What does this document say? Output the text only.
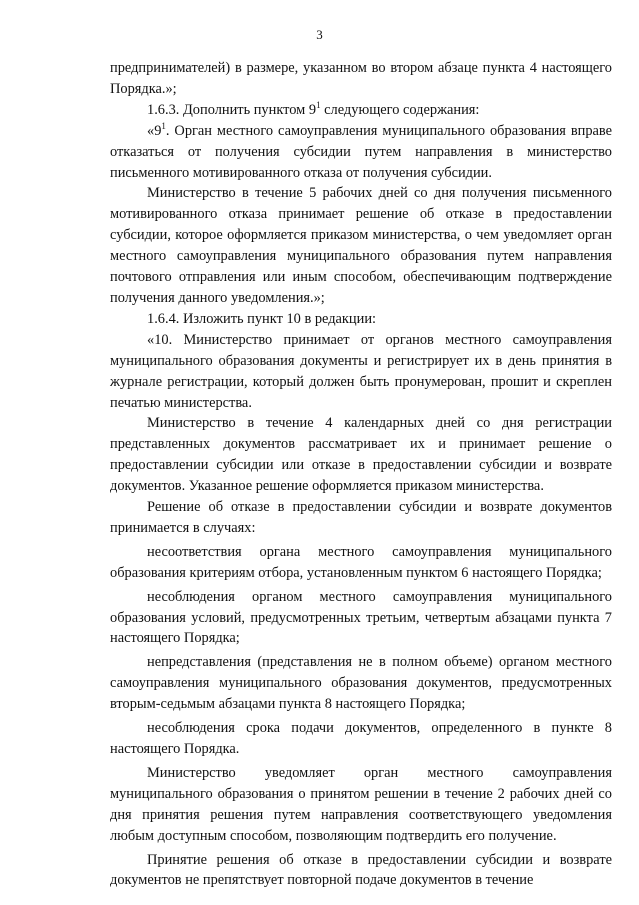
3

предпринимателей) в размере, указанном во втором абзаце пункта 4 настоящего Порядка.»;

1.6.3. Дополнить пунктом $9^1$ следующего содержания:

«$9^1$. Орган местного самоуправления муниципального образования вправе отказаться от получения субсидии путем направления в министерство письменного мотивированного отказа от получения субсидии.

Министерство в течение 5 рабочих дней со дня получения письменного мотивированного отказа принимает решение об отказе в предоставлении субсидии, которое оформляется приказом министерства, о чем уведомляет орган местного самоуправления муниципального образования путем направления почтового отправления или иным способом, обеспечивающим подтверждение получения данного уведомления.»;

1.6.4. Изложить пункт 10 в редакции:

«10. Министерство принимает от органов местного самоуправления муниципального образования документы и регистрирует их в день принятия в журнале регистрации, который должен быть пронумерован, прошит и скреплен печатью министерства.

Министерство в течение 4 календарных дней со дня регистрации представленных документов рассматривает их и принимает решение о предоставлении субсидии или отказе в предоставлении субсидии и возврате документов. Указанное решение оформляется приказом министерства.

Решение об отказе в предоставлении субсидии и возврате документов принимается в случаях:

несоответствия органа местного самоуправления муниципального образования критериям отбора, установленным пунктом 6 настоящего Порядка;

несоблюдения органом местного самоуправления муниципального образования условий, предусмотренных третьим, четвертым абзацами пункта 7 настоящего Порядка;

непредставления (представления не в полном объеме) органом местного самоуправления муниципального образования документов, предусмотренных вторым-седьмым абзацами пункта 8 настоящего Порядка;

несоблюдения срока подачи документов, определенного в пункте 8 настоящего Порядка.

Министерство уведомляет орган местного самоуправления муниципального образования о принятом решении в течение 2 рабочих дней со дня принятия решения путем направления соответствующего уведомления любым доступным способом, позволяющим подтвердить его получение.

Принятие решения об отказе в предоставлении субсидии и возврате документов не препятствует повторной подаче документов в течение
